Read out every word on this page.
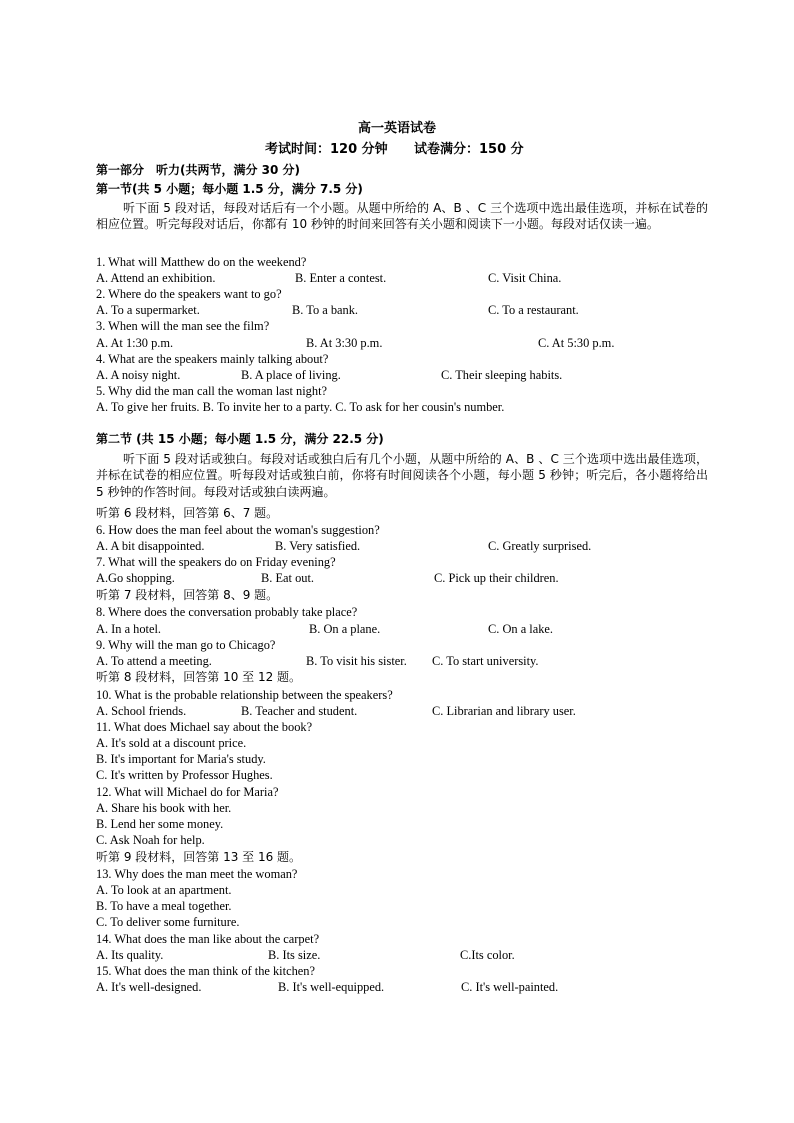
高一英语试卷
考试时间：120 分钟 试卷满分：150 分
第一部分　听力(共两节，满分 30 分)
第一节(共 5 小题；每小题 1.5 分，满分 7.5 分)
听下面 5 段对话，每段对话后有一个小题。从题中所给的 A、B 、C 三个选项中选出最佳选项，并标在试卷的相应位置。听完每段对话后，你都有 10 秒钟的时间来回答有关小题和阅读下一小题。每段对话仅读一遍。
1. What will Matthew do on the weekend?
A. Attend an exhibition.	B. Enter a contest.	C. Visit China.
2. Where do the speakers want to go?
A. To a supermarket.	B. To a bank.	C. To a restaurant.
3. When will the man see the film?
A. At 1:30 p.m.	B. At 3:30 p.m.	C. At 5:30 p.m.
4. What are the speakers mainly talking about?
A. A noisy night.	B. A place of living.	C. Their sleeping habits.
5. Why did the man call the woman last night?
A. To give her fruits. B. To invite her to a party. C. To ask for her cousin's number.
第二节 (共 15 小题；每小题 1.5 分，满分 22.5 分)
听下面 5 段对话或独白。每段对话或独白后有几个小题，从题中所给的 A、B 、C 三个选项中选出最佳选项，并标在试卷的相应位置。听每段对话或独白前，你将有时间阅读各个小题，每小题 5 秒钟；听完后，各小题将给出 5 秒钟的作答时间。每段对话或独白读两遍。
听第 6 段材料，回答第 6、7 题。
6. How does the man feel about the woman's suggestion?
A. A bit disappointed.	B. Very satisfied.	C. Greatly surprised.
7. What will the speakers do on Friday evening?
A.Go shopping.	B. Eat out.	C. Pick up their children.
听第 7 段材料，回答第 8、9 题。
8. Where does the conversation probably take place?
A. In a hotel.	B. On a plane.	C. On a lake.
9. Why will the man go to Chicago?
A. To attend a meeting.	B. To visit his sister. C. To start university.
听第 8 段材料，回答第 10 至 12 题。
10. What is the probable relationship between the speakers?
A. School friends.	B. Teacher and student.	C. Librarian and library user.
11. What does Michael say about the book?
A. It's sold at a discount price.
B. It's important for Maria's study.
C. It's written by Professor Hughes.
12. What will Michael do for Maria?
A. Share his book with her.
B. Lend her some money.
C. Ask Noah for help.
听第 9 段材料，回答第 13 至 16 题。
13. Why does the man meet the woman?
A. To look at an apartment.
B. To have a meal together.
C. To deliver some furniture.
14. What does the man like about the carpet?
A. Its quality.	B. Its size.	C.Its color.
15. What does the man think of the kitchen?
A. It's well-designed.	B. It's well-equipped.	C. It's well-painted.
